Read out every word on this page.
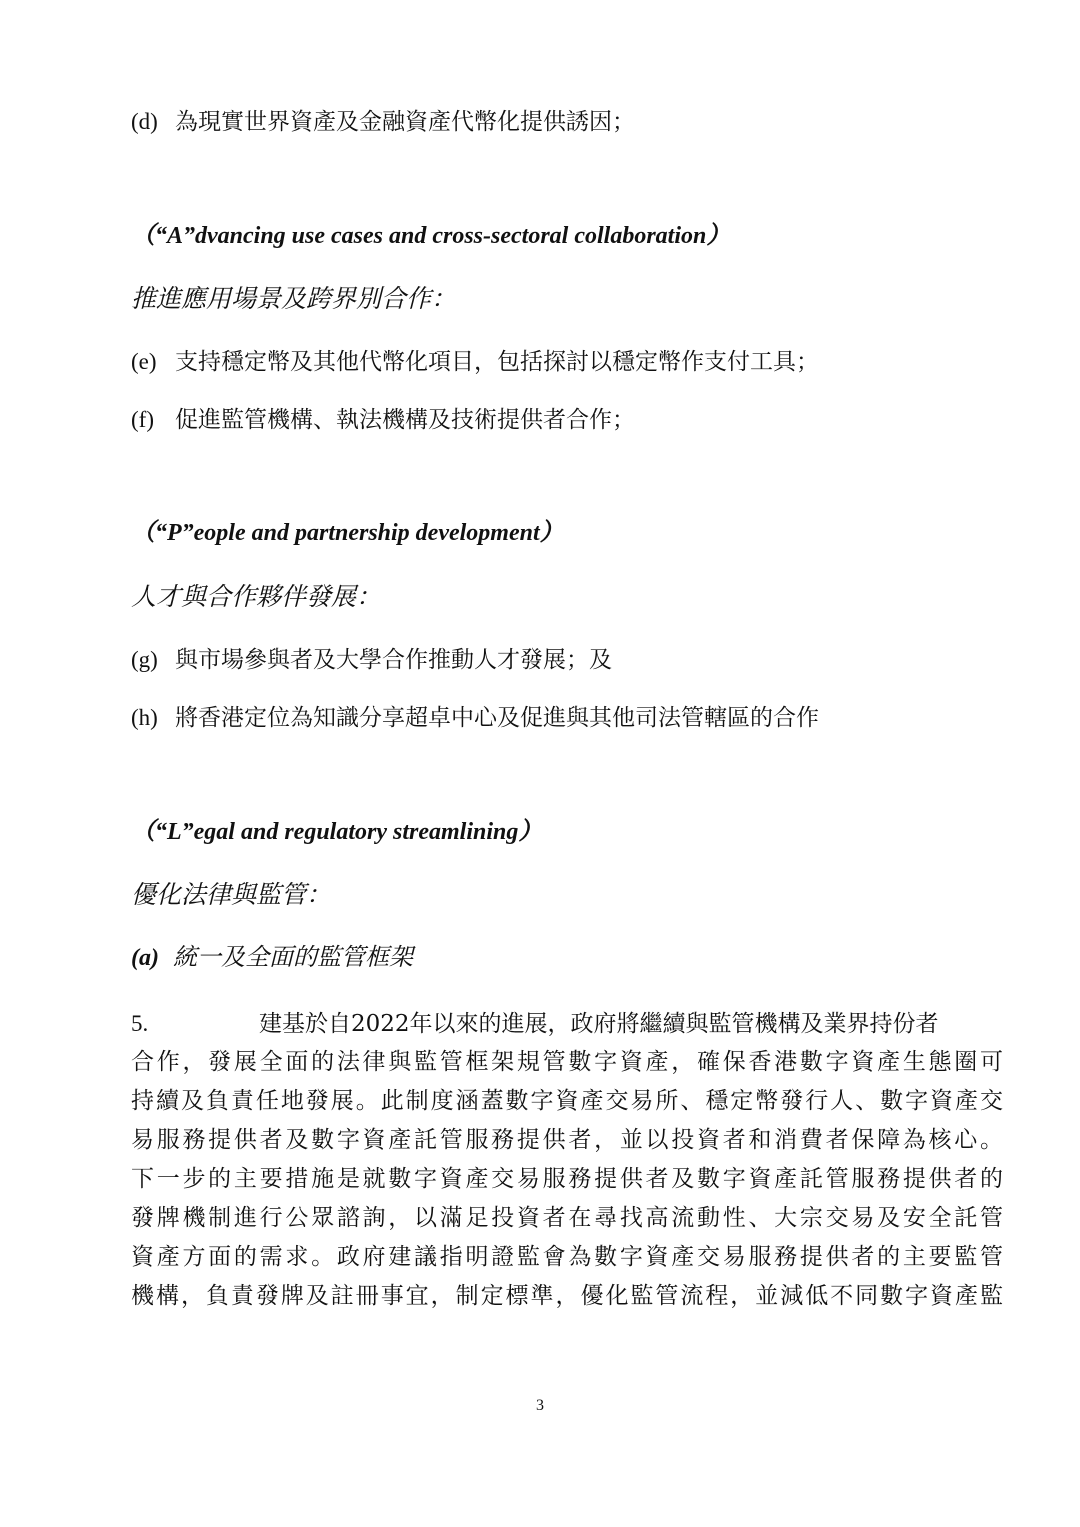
(d) 為現實世界資產及金融資產代幣化提供誘因；
（“A”dvancing use cases and cross-sectoral collaboration）
推進應用場景及跨界別合作：
(e) 支持穩定幣及其他代幣化項目，包括探討以穩定幣作支付工具；
(f) 促進監管機構、執法機構及技術提供者合作；
（“P”eople and partnership development）
人才與合作夥伴發展：
(g) 與市場參與者及大學合作推動人才發展；及
(h) 將香港定位為知識分享超卓中心及促進與其他司法管轄區的合作
（“L”egal and regulatory streamlining）
優化法律與監管：
(a) 統一及全面的監管框架
5.	建基於自2022年以來的進展，政府將繼續與監管機構及業界持份者
合作，發展全面的法律與監管框架規管數字資產，確保香港數字資產生態圈可
持續及負責任地發展。此制度涵蓋數字資產交易所、穩定幣發行人、數字資產交
易服務提供者及數字資產託管服務提供者，並以投資者和消費者保障為核心。
下一步的主要措施是就數字資產交易服務提供者及數字資產託管服務提供者的
發牌機制進行公眾諮詢，以滿足投資者在尋找高流動性、大宗交易及安全託管
資產方面的需求。政府建議指明證監會為數字資產交易服務提供者的主要監管
機構，負責發牌及註冊事宜，制定標準，優化監管流程，並減低不同數字資產監
3
